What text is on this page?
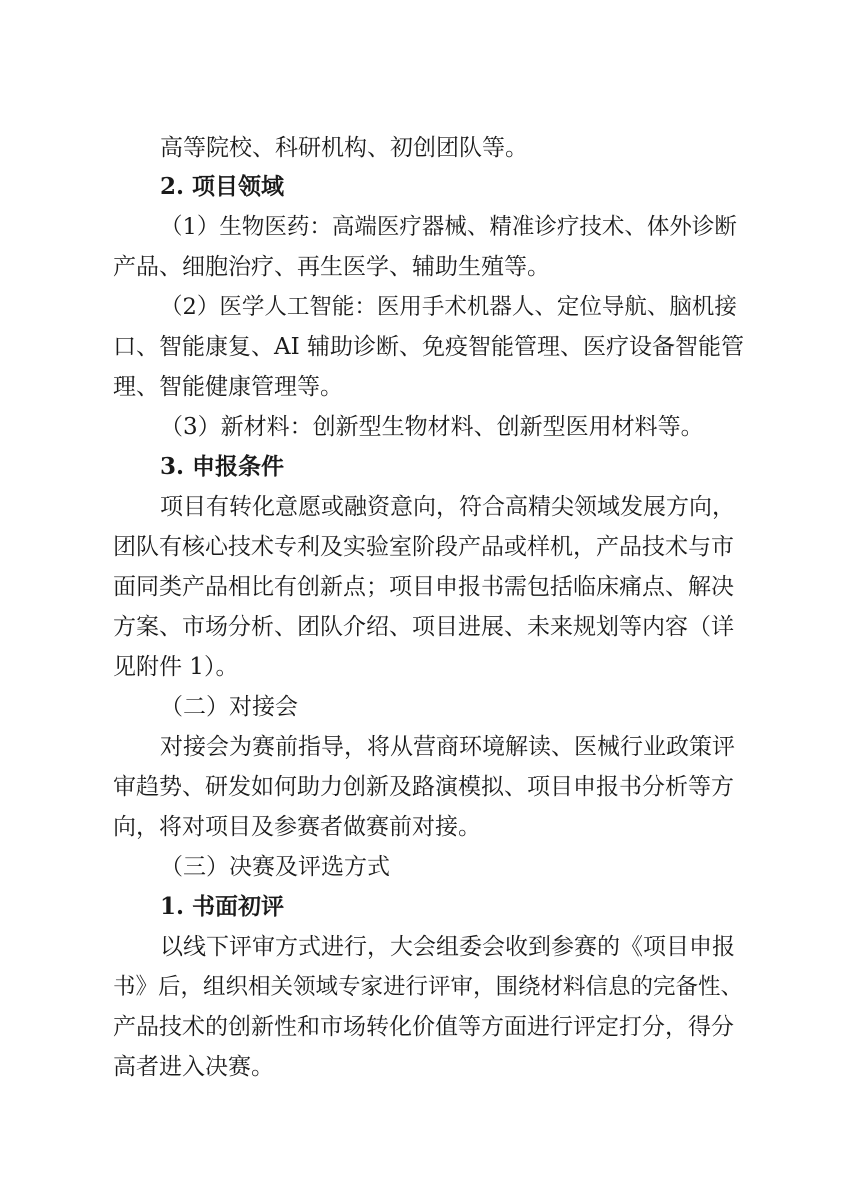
高等院校、科研机构、初创团队等。

2. 项目领域

（1）生物医药：高端医疗器械、精准诊疗技术、体外诊断

产品、细胞治疗、再生医学、辅助生殖等。

（2）医学人工智能：医用手术机器人、定位导航、脑机接

口、智能康复、AI 辅助诊断、免疫智能管理、医疗设备智能管

理、智能健康管理等。

（3）新材料：创新型生物材料、创新型医用材料等。

3. 申报条件

项目有转化意愿或融资意向，符合高精尖领域发展方向，

团队有核心技术专利及实验室阶段产品或样机，产品技术与市

面同类产品相比有创新点；项目申报书需包括临床痛点、解决

方案、市场分析、团队介绍、项目进展、未来规划等内容（详

见附件 1）。

（二）对接会

对接会为赛前指导，将从营商环境解读、医械行业政策评

审趋势、研发如何助力创新及路演模拟、项目申报书分析等方

向，将对项目及参赛者做赛前对接。

（三）决赛及评选方式

1. 书面初评

以线下评审方式进行，大会组委会收到参赛的《项目申报

书》后，组织相关领域专家进行评审，围绕材料信息的完备性、

产品技术的创新性和市场转化价值等方面进行评定打分，得分

高者进入决赛。
